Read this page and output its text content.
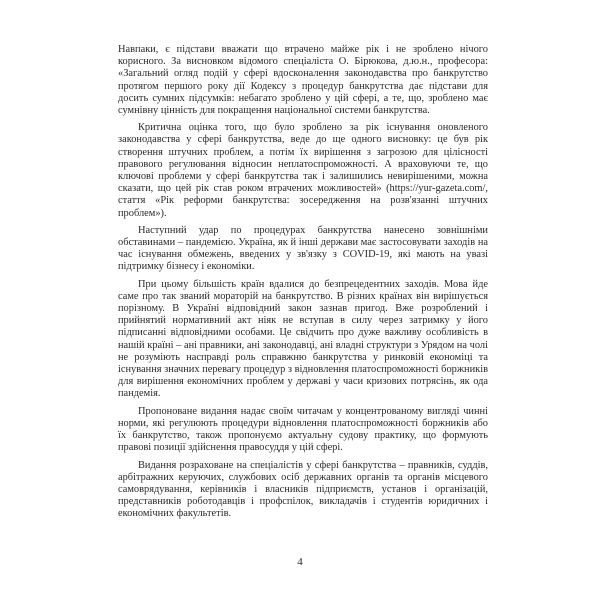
Навпаки, є підстави вважати що втрачено майже рік і не зроблено нічого корисного. За висновком відомого спеціаліста О. Бірюкова, д.ю.н., професора: «Загальний огляд подій у сфері вдосконалення законодавства про банкрутство протягом першого року дії Кодексу з процедур банкрутства дає підстави для досить сумних підсумків: небагато зроблено у цій сфері, а те, що, зроблено має сумнівну цінність для покращення національної системи банкрутства.

Критична оцінка того, що було зроблено за рік існування оновленого законодавства у сфері банкрутства, веде до ще одного висновку: це був рік створення штучних проблем, а потім їх вирішення з загрозою для цілісності правового регулювання відносин неплатоспроможності. А враховуючи те, що ключові проблеми у сфері банкрутства так і залишились невирішеними, можна сказати, що цей рік став роком втрачених можливостей» (https://yur-gazeta.com/, стаття «Рік реформи банкрутства: зосередження на розв'язанні штучних проблем»).

Наступний удар по процедурах банкрутства нанесено зовнішніми обставинами – пандемією. Україна, як й інші держави має застосовувати заходів на час існування обмежень, введених у зв'язку з COVID-19, які мають на увазі підтримку бізнесу і економіки.

При цьому більшість країн вдалися до безпрецедентних заходів. Мова йде саме про так званий мораторій на банкрутство. В різних країнах він вирішується порізному. В Україні відповідний закон зазнав пригод. Вже розроблений і прийнятий нормативний акт ніяк не вступав в силу через затримку у його підписанні відповідними особами. Це свідчить про дуже важливу особливість в нашій країні – ані правники, ані законодавці, ані владні структури з Урядом на чолі не розуміють насправді роль справжню банкрутства у ринковій економіці та існування значних перевагу процедур з відновлення платоспроможності боржників для вирішення економічних проблем у державі у часи кризових потрясінь, як ода пандемія.

Пропоноване видання надає своїм читачам у концентрованому вигляді чинні норми, які регулюють процедури відновлення платоспроможності боржників або їх банкрутство, також пропонуємо актуальну судову практику, що формують правові позиції здійснення правосуддя у цій сфері.

Видання розраховане на спеціалістів у сфері банкрутства – правників, суддів, арбітражних керуючих, службових осіб державних органів та органів місцевого самоврядування, керівників і власників підприємств, установ і організацій, представників роботодавців і профспілок, викладачів і студентів юридичних і економічних факультетів.

4
